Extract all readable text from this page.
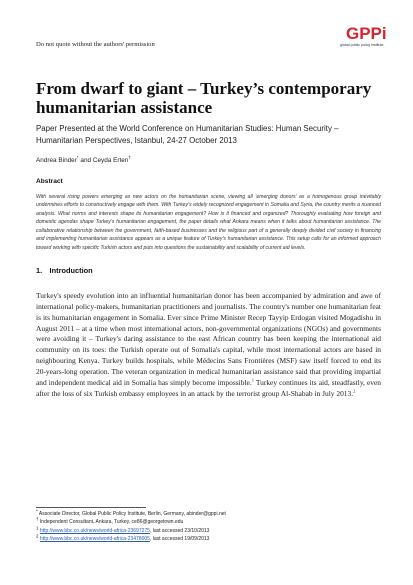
Do not quote without the authors' permission
GPPi
global public policy institute
From dwarf to giant – Turkey’s contemporary humanitarian assistance
Paper Presented at the World Conference on Humanitarian Studies: Human Security – Humanitarian Perspectives, Istanbul, 24-27 October 2013
Andrea Binder* and Ceyda Erten†
Abstract
With several rising powers emerging as new actors on the humanitarian scene, viewing all ‘emerging donors’ as a homogenous group inevitably undermines efforts to constructively engage with them. With Turkey’s widely recognized engagement in Somalia and Syria, the country merits a nuanced analysis. What norms and interests shape its humanitarian engagement? How is it financed and organized? Thoroughly evaluating how foreign and domestic agendas shape Turkey’s humanitarian engagement, the paper details what Ankara means when it talks about humanitarian assistance. The collaborative relationship between the government, faith-based businesses and the religious part of a generally deeply divided civil society in financing and implementing humanitarian assistance appears as a unique feature of Turkey’s humanitarian assistance. This setup calls for an informed approach toward working with specific Turkish actors and puts into questions the sustainability and scalability of current aid levels.
1. Introduction
Turkey's speedy evolution into an influential humanitarian donor has been accompanied by admiration and awe of international policy-makers, humanitarian practitioners and journalists. The country's number one humanitarian feat is its humanitarian engagement in Somalia. Ever since Prime Minister Recep Tayyip Erdogan visited Mogadishu in August 2011 – at a time when most international actors, non-governmental organizations (NGOs) and governments were avoiding it – Turkey's daring assistance to the east African country has been keeping the international aid community on its toes: the Turkish operate out of Somalia's capital, while most international actors are based in neighbouring Kenya. Turkey builds hospitals, while Médecins Sans Frontières (MSF) saw itself forced to end its 20-years-long operation. The veteran organization in medical humanitarian assistance said that providing impartial and independent medical aid in Somalia has simply become impossible.$^1$ Turkey continues its aid, steadfastly, even after the loss of six Turkish embassy employees in an attack by the terrorist group Al-Shabab in July 2013.$^2$
* Associate Director, Global Public Policy Institute, Berlin, Germany, abinder@gppi.net
† Independent Consultant, Ankara, Turkey, ce86@georgetown.edu
$^1$ http://www.bbc.co.uk/news/world-africa-23697275, last accessed 23/10/2013
$^2$ http://www.bbc.co.uk/news/world-africa-23478005, last accessed 19/09/2013
